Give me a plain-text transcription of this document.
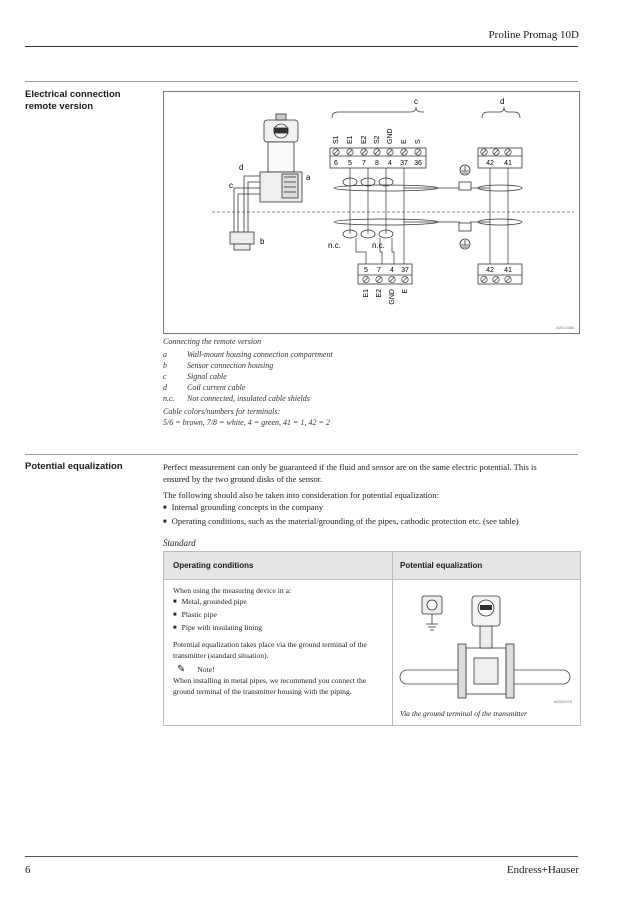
Proline Promag 10D
Electrical connection
remote version
a
d
c
b
c
S1 E1 E2 S2 GND E S
6 5 7 8 4 37 36
d
42 41
n.c.	n.c.
5 7 4 37
E1 E2 GND E
42 41
A0011985
Connecting the remote version
a	Wall-mount housing connection compartment
b	Sensor connection housing
c	Signal cable
d	Coil current cable
n.c. Not connected, insulated cable shields
Cable colors/numbers for terminals:
5/6 = brown, 7/8 = white, 4 = green, 41 = 1, 42 = 2
Potential equalization	Perfect measurement can only be guaranteed if the fluid and sensor are on the same electric potential. This is
ensured by the two ground disks of the sensor.
The following should also be taken into consideration for potential equalization:
■ Internal grounding concepts in the company
■ Operating conditions, such as the material/grounding of the pipes, cathodic protection etc. (see table)
Standard
Operating conditions	Potential equalization
When using the measuring device in a:
■ Metal, grounded pipe
■ Plastic pipe
■ Pipe with insulating lining
Potential equalization takes place via the ground terminal of the
transmitter (standard situation).
✎ Note!
When installing in metal pipes, we recommend you connect the
ground terminal of the transmitter housing with the piping.
A0004375
Via the ground terminal of the transmitter
6	Endress+Hauser
